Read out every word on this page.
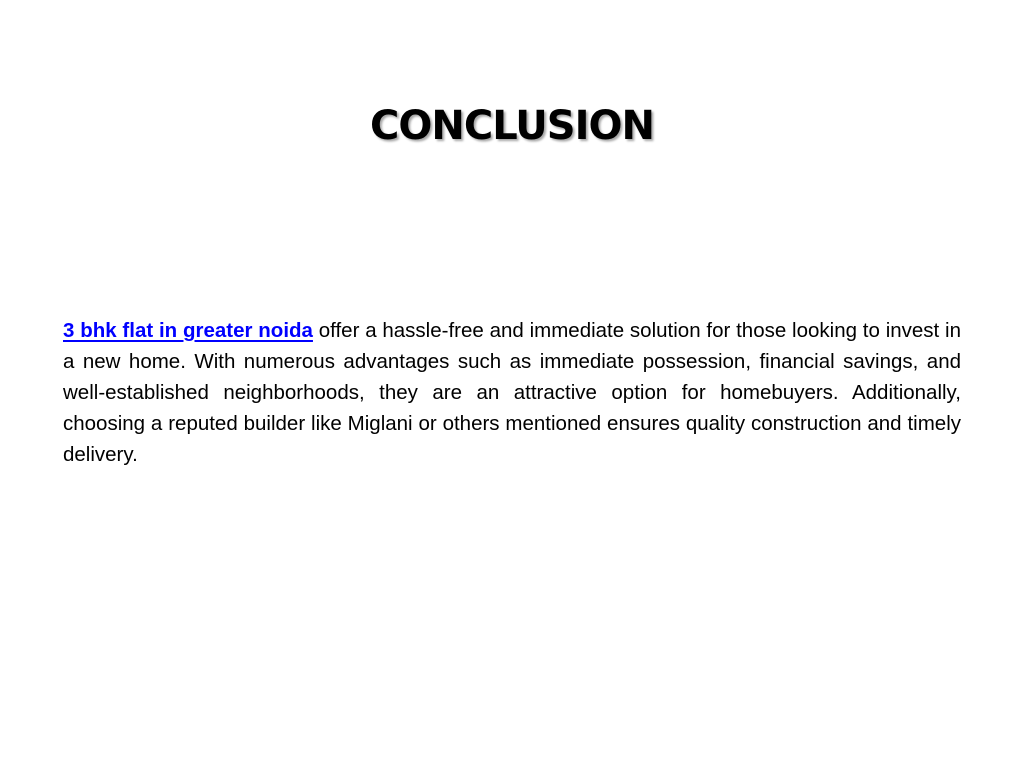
CONCLUSION

3 bhk flat in greater noida offer a hassle-free and immediate solution for those looking to invest in a new home. With numerous advantages such as immediate possession, financial savings, and well-established neighborhoods, they are an attractive option for homebuyers. Additionally, choosing a reputed builder like Miglani or others mentioned ensures quality construction and timely delivery.
